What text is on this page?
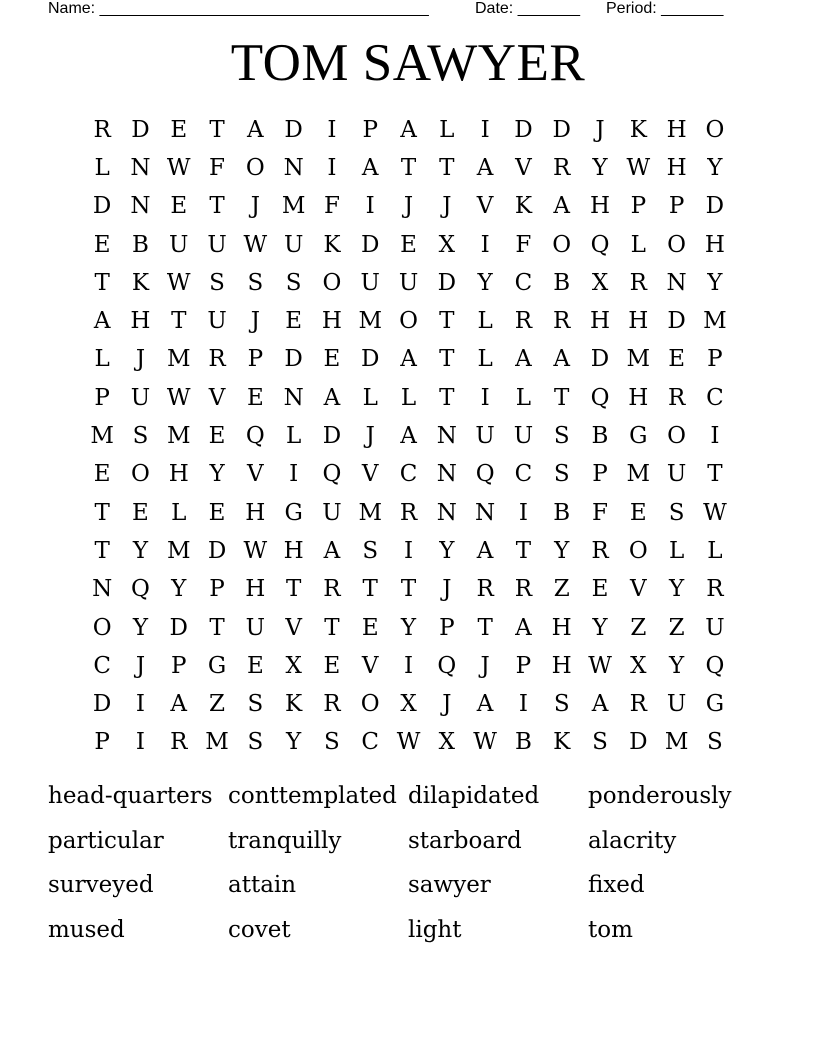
Name: _____________________________________	Date: _______ Period: _______
TOM SAWYER
R D E T A D	I	P A L	I	D D	J	K H O
L N W F O N	I	A T T A V R Y W H Y
D N E T	J M F	I	J	J	V K A H P P D
E B U U W U K D E X	I	F O Q L O H
T K W S S S O U U D Y C B X R N Y
A H T U	J	E H M O T L R R H H D M
L	J M R P D E D A T L A A D M E P
P U W V E N A L	L T	I	L T Q H R C
M S M E Q L D	J	A N U U S B G O	I
E O H Y V	I	Q V C N Q C S P M U T
T E L E H G U M R N N	I	B F E S W
T	Y M D W H A S	I	Y A T	Y R O L	L
N Q Y P H T R T T	J	R R Z E V Y R
O Y D T U V T E Y P T A H Y Z Z U
C	J	P G E X E V	I	Q	J	P H W X Y Q
D	I	A Z S K R O X	J	A	I	S A R U G
P	I	R M S Y S C W X W B K S D M S
head-quarters conttemplated dilapidated	ponderously
particular	tranquilly	starboard	alacrity
surveyed	attain	sawyer	fixed
mused	covet	light	tom
